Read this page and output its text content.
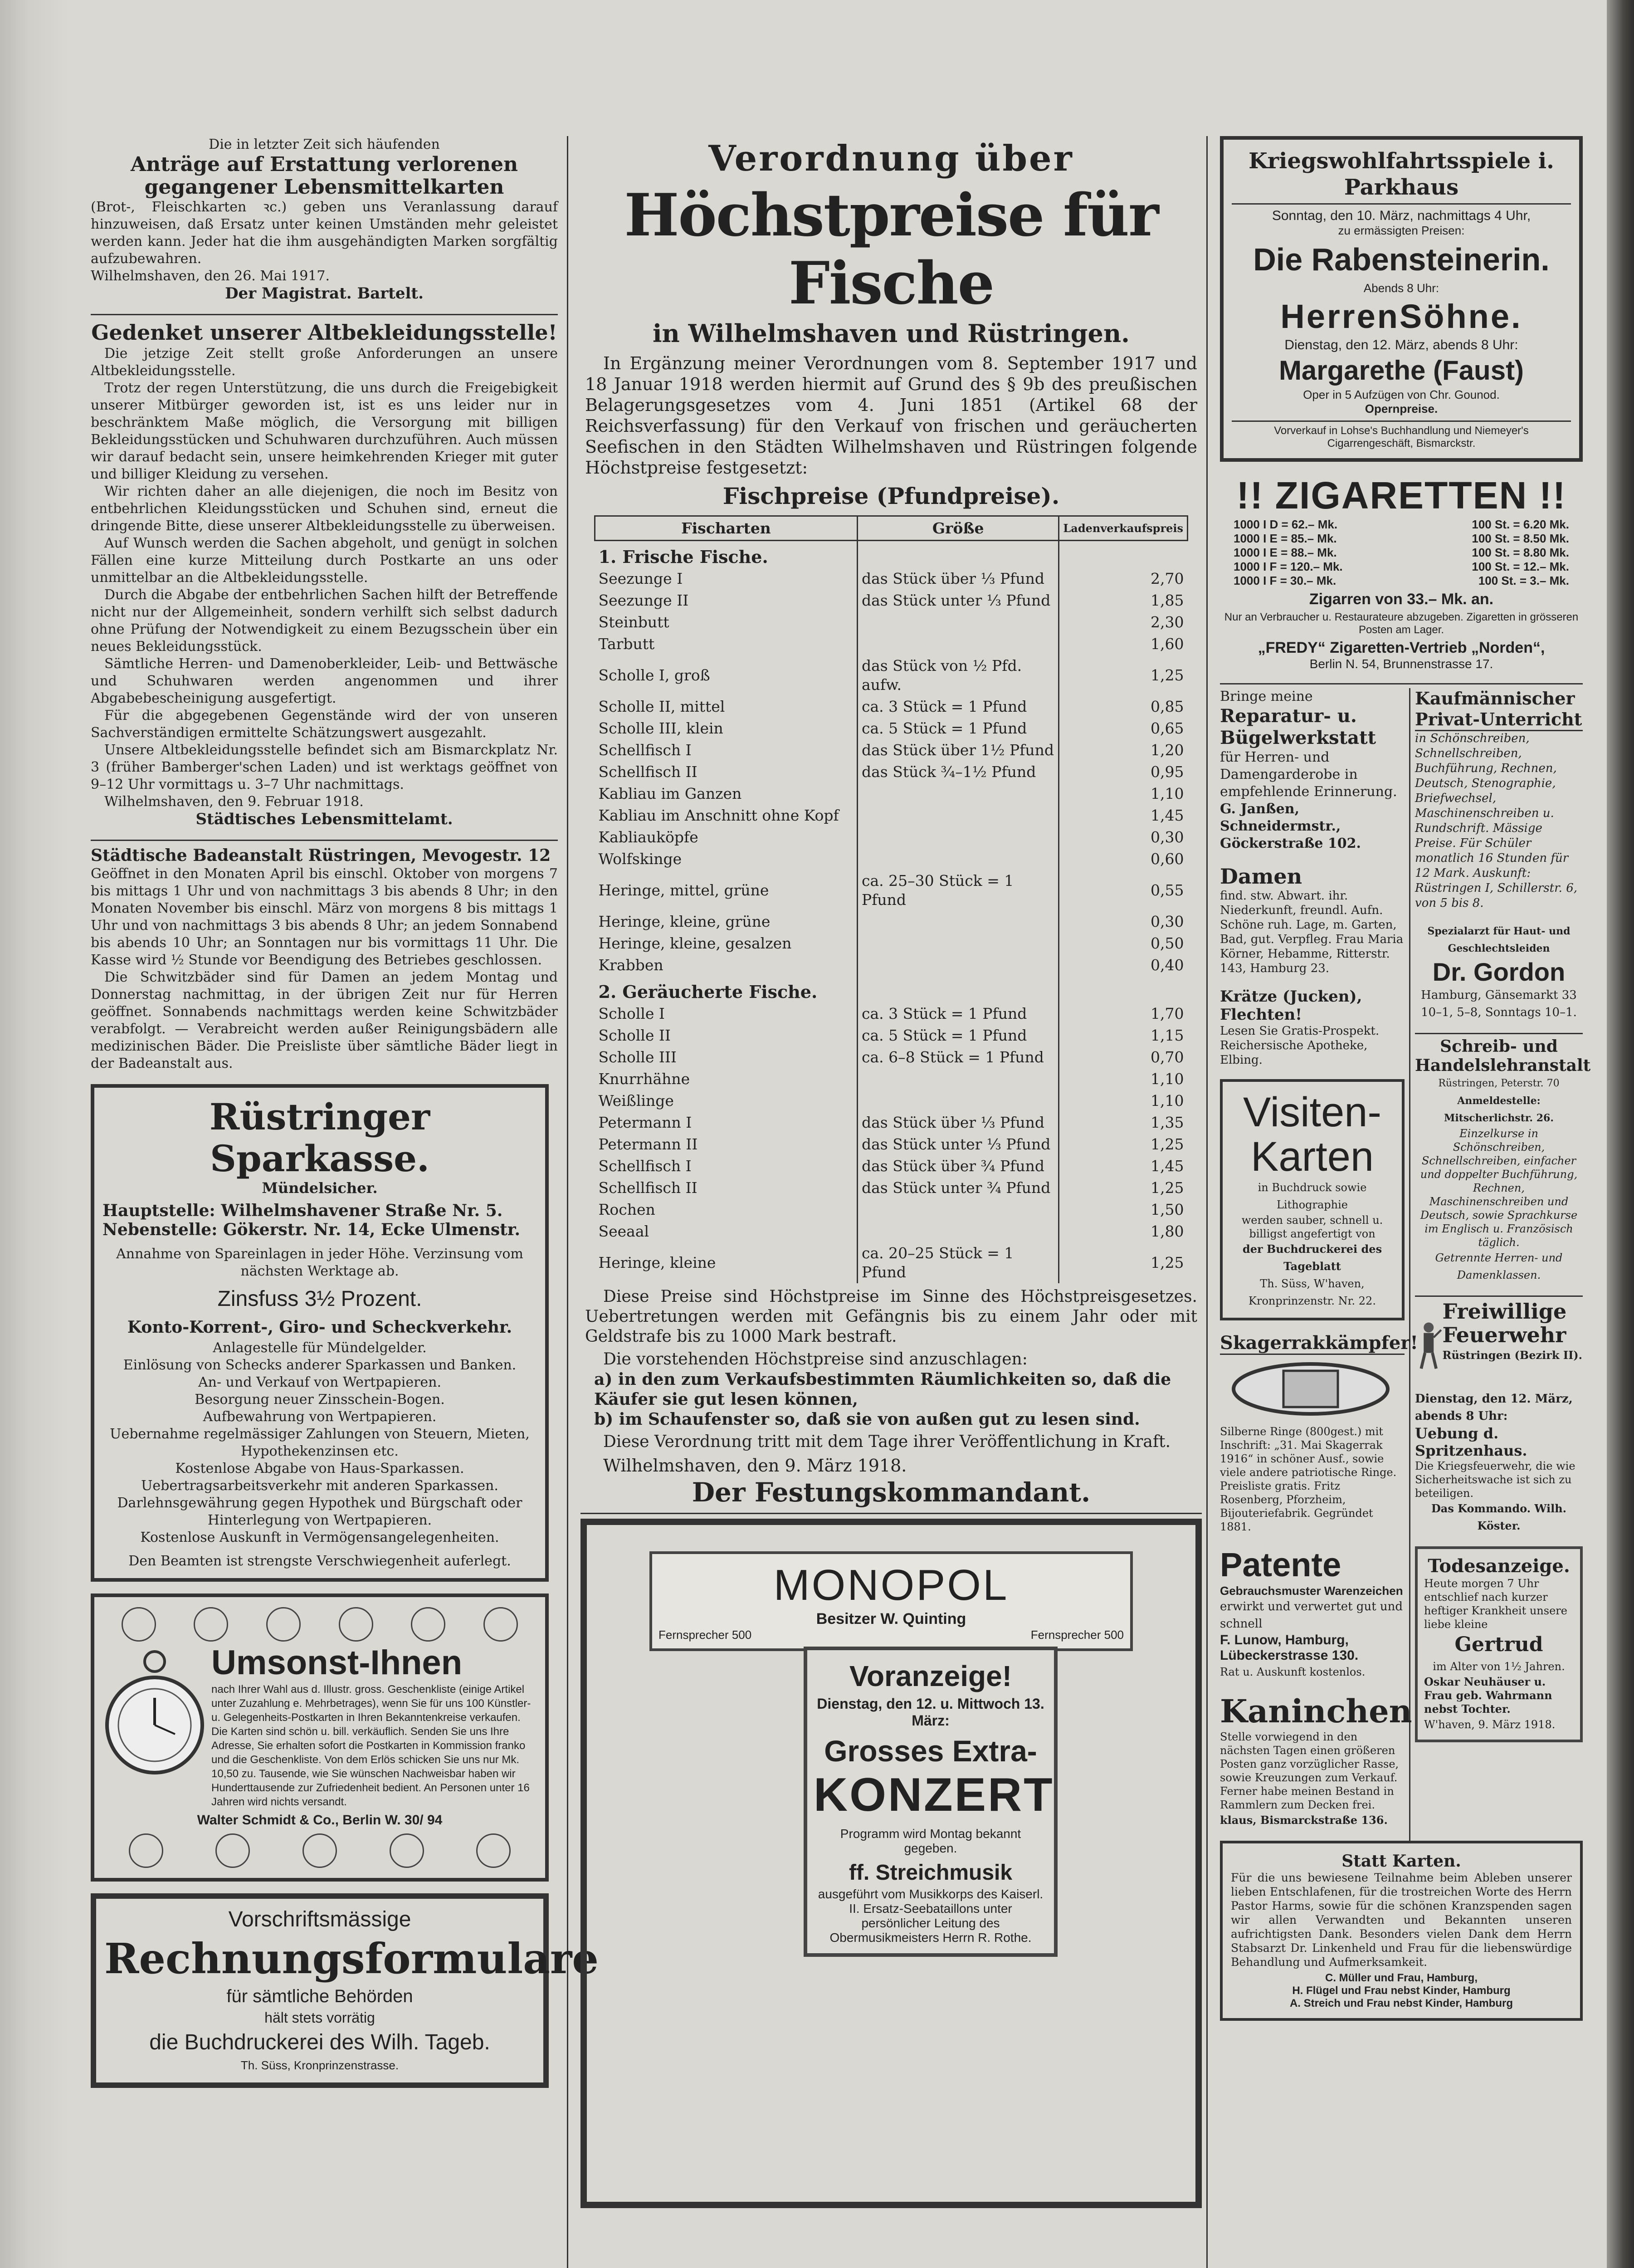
Die in letzter Zeit sich häufenden

Anträge auf Erstattung verlorenen

gegangener Lebensmittelkarten

(Brot-, Fleischkarten ꝛc.) geben uns Veranlassung darauf hinzuweisen, daß Ersatz unter keinen Umständen mehr geleistet werden kann. Jeder hat die ihm ausgehändigten Marken sorgfältig aufzubewahren.

Wilhelmshaven, den 26. Mai 1917.

Der Magistrat. Bartelt.

Gedenket unserer Altbekleidungsstelle!

Die jetzige Zeit stellt große Anforderungen an unsere Altbekleidungsstelle.

Trotz der regen Unterstützung, die uns durch die Freigebigkeit unserer Mitbürger geworden ist, ist es uns leider nur in beschränktem Maße möglich, die Versorgung mit billigen Bekleidungsstücken und Schuhwaren durchzuführen. Auch müssen wir darauf bedacht sein, unsere heimkehrenden Krieger mit guter und billiger Kleidung zu versehen.

Wir richten daher an alle diejenigen, die noch im Besitz von entbehrlichen Kleidungsstücken und Schuhen sind, erneut die dringende Bitte, diese unserer Altbekleidungsstelle zu überweisen.

Auf Wunsch werden die Sachen abgeholt, und genügt in solchen Fällen eine kurze Mitteilung durch Postkarte an uns oder unmittelbar an die Altbekleidungsstelle.

Durch die Abgabe der entbehrlichen Sachen hilft der Betreffende nicht nur der Allgemeinheit, sondern verhilft sich selbst dadurch ohne Prüfung der Notwendigkeit zu einem Bezugsschein über ein neues Bekleidungsstück.

Sämtliche Herren- und Damenoberkleider, Leib- und Bettwäsche und Schuhwaren werden angenommen und ihrer Abgabebescheinigung ausgefertigt.

Für die abgegebenen Gegenstände wird der von unseren Sachverständigen ermittelte Schätzungswert ausgezahlt.

Unsere Altbekleidungsstelle befindet sich am Bismarckplatz Nr. 3 (früher Bamberger'schen Laden) und ist werktags geöffnet von 9–12 Uhr vormittags u. 3–7 Uhr nachmittags.

Wilhelmshaven, den 9. Februar 1918.

Städtisches Lebensmittelamt.

Städtische Badeanstalt Rüstringen, Mevogestr. 12

Geöffnet in den Monaten April bis einschl. Oktober von morgens 7 bis mittags 1 Uhr und von nachmittags 3 bis abends 8 Uhr; in den Monaten November bis einschl. März von morgens 8 bis mittags 1 Uhr und von nachmittags 3 bis abends 8 Uhr; an jedem Sonnabend bis abends 10 Uhr; an Sonntagen nur bis vormittags 11 Uhr. Die Kasse wird ½ Stunde vor Beendigung des Betriebes geschlossen.

Die Schwitzbäder sind für Damen an jedem Montag und Donnerstag nachmittag, in der übrigen Zeit nur für Herren geöffnet. Sonnabends nachmittags werden keine Schwitzbäder verabfolgt. — Verabreicht werden außer Reinigungsbädern alle medizinischen Bäder. Die Preisliste über sämtliche Bäder liegt in der Badeanstalt aus.

Rüstringer Sparkasse.

Mündelsicher.

Hauptstelle: Wilhelmshavener Straße Nr. 5.

Nebenstelle: Gökerstr. Nr. 14, Ecke Ulmenstr.

Annahme von Spareinlagen in jeder Höhe. Verzinsung vom nächsten Werktage ab.

Zinsfuss 3½ Prozent.

Konto-Korrent-, Giro- und Scheckverkehr.

Anlagestelle für Mündelgelder.

Einlösung von Schecks anderer Sparkassen und Banken.

An- und Verkauf von Wertpapieren.

Besorgung neuer Zinsschein-Bogen.

Aufbewahrung von Wertpapieren.

Uebernahme regelmässiger Zahlungen von Steuern, Mieten, Hypothekenzinsen etc.

Kostenlose Abgabe von Haus-Sparkassen.

Uebertragsarbeitsverkehr mit anderen Sparkassen.

Darlehnsgewährung gegen Hypothek und Bürgschaft oder Hinterlegung von Wertpapieren.

Kostenlose Auskunft in Vermögensangelegenheiten.

Den Beamten ist strengste Verschwiegenheit auferlegt.

Umsonst-Ihnen

nach Ihrer Wahl aus d. Illustr. gross. Geschenkliste (einige Artikel unter Zuzahlung e. Mehrbetrages), wenn Sie für uns 100 Künstler- u. Gelegenheits-Postkarten in Ihren Bekanntenkreise verkaufen. Die Karten sind schön u. bill. verkäuflich. Senden Sie uns Ihre Adresse, Sie erhalten sofort die Postkarten in Kommission franko und die Geschenkliste. Von dem Erlös schicken Sie uns nur Mk. 10,50 zu. Tausende, wie Sie wünschen Nachweisbar haben wir Hunderttausende zur Zufriedenheit bedient. An Personen unter 16 Jahren wird nichts versandt.

Walter Schmidt & Co., Berlin W. 30/ 94

Vorschriftsmässige

Rechnungsformulare

für sämtliche Behörden

hält stets vorrätig

die Buchdruckerei des Wilh. Tageb.

Th. Süss, Kronprinzenstrasse.

Verordnung über
Höchstpreise für Fische
in Wilhelmshaven und Rüstringen.

In Ergänzung meiner Verordnungen vom 8. September 1917 und 18 Januar 1918 werden hiermit auf Grund des § 9b des preußischen Belagerungsgesetzes vom 4. Juni 1851 (Artikel 68 der Reichsverfassung) für den Verkauf von frischen und geräucherten Seefischen in den Städten Wilhelmshaven und Rüstringen folgende Höchstpreise festgesetzt:

Fischpreise (Pfundpreise).
Fischarten	Größe	Ladenverkaufspreis
1. Frische Fische.		
Seezunge I	das Stück über ⅓ Pfund	2,70
Seezunge II	das Stück unter ⅓ Pfund	1,85
Steinbutt		2,30
Tarbutt		1,60
Scholle I, groß	das Stück von ½ Pfd. aufw.	1,25
Scholle II, mittel	ca. 3 Stück = 1 Pfund	0,85
Scholle III, klein	ca. 5 Stück = 1 Pfund	0,65
Schellfisch I	das Stück über 1½ Pfund	1,20
Schellfisch II	das Stück ¾–1½ Pfund	0,95
Kabliau im Ganzen		1,10
Kabliau im Anschnitt ohne Kopf		1,45
Kabliauköpfe		0,30
Wolfskinge		0,60
Heringe, mittel, grüne	ca. 25–30 Stück = 1 Pfund	0,55
Heringe, kleine, grüne		0,30
Heringe, kleine, gesalzen		0,50
Krabben		0,40
2. Geräucherte Fische.		
Scholle I	ca. 3 Stück = 1 Pfund	1,70
Scholle II	ca. 5 Stück = 1 Pfund	1,15
Scholle III	ca. 6–8 Stück = 1 Pfund	0,70
Knurrhähne		1,10
Weißlinge		1,10
Petermann I	das Stück über ⅓ Pfund	1,35
Petermann II	das Stück unter ⅓ Pfund	1,25
Schellfisch I	das Stück über ¾ Pfund	1,45
Schellfisch II	das Stück unter ¾ Pfund	1,25
Rochen		1,50
Seeaal		1,80
Heringe, kleine	ca. 20–25 Stück = 1 Pfund	1,25

Diese Preise sind Höchstpreise im Sinne des Höchstpreisgesetzes. Uebertretungen werden mit Gefängnis bis zu einem Jahr oder mit Geldstrafe bis zu 1000 Mark bestraft.

Die vorstehenden Höchstpreise sind anzuschlagen:

a) in den zum Verkaufsbestimmten Räumlichkeiten so, daß die Käufer sie gut lesen können,

b) im Schaufenster so, daß sie von außen gut zu lesen sind.

Diese Verordnung tritt mit dem Tage ihrer Veröffentlichung in Kraft.

Wilhelmshaven, den 9. März 1918.

Der Festungskommandant.

MONOPOL

Besitzer W. Quinting

Fernsprecher 500	Fernsprecher 500

Voranzeige!

Dienstag, den 12. u. Mittwoch 13. März:

Grosses Extra-

KONZERT

Programm wird Montag bekannt gegeben.

ff. Streichmusik

ausgeführt vom Musikkorps des Kaiserl. II. Ersatz-Seebataillons unter persönlicher Leitung des Obermusikmeisters Herrn R. Rothe.

Kriegswohlfahrtsspiele i. Parkhaus

Sonntag, den 10. März, nachmittags 4 Uhr,

zu ermässigten Preisen:

Die Rabensteinerin.

Abends 8 Uhr:

HerrenSöhne.

Dienstag, den 12. März, abends 8 Uhr:

Margarethe (Faust)

Oper in 5 Aufzügen von Chr. Gounod.

Opernpreise.

Vorverkauf in Lohse's Buchhandlung und Niemeyer's Cigarrengeschäft, Bismarckstr.

!! ZIGARETTEN !!
1000 I D = 62.– Mk.	100 St. = 6.20 Mk.
1000 I E = 85.– Mk.	100 St. = 8.50 Mk.
1000 I E = 88.– Mk.	100 St. = 8.80 Mk.
1000 I F = 120.– Mk.	100 St. = 12.– Mk.
1000 I F = 30.– Mk.	100 St. = 3.– Mk.

Zigarren von 33.– Mk. an.

Nur an Verbraucher u. Restaurateure abzugeben. Zigaretten in grösseren Posten am Lager.

„FREDY“ Zigaretten-Vertrieb „Norden“,

Berlin N. 54, Brunnenstrasse 17.

Bringe meine

Reparatur- u. Bügelwerkstatt

für Herren- und Damengarderobe in empfehlende Erinnerung.

G. Janßen, Schneidermstr., Göckerstraße 102.

Damen

find. stw. Abwart. ihr. Niederkunft, freundl. Aufn. Schöne ruh. Lage, m. Garten, Bad, gut. Verpfleg. Frau Maria Körner, Hebamme, Ritterstr. 143, Hamburg 23.

Krätze (Jucken), Flechten!

Lesen Sie Gratis-Prospekt. Reichersische Apotheke, Elbing.

Visiten-

Karten

in Buchdruck sowie Lithographie

werden sauber, schnell u. billigst angefertigt von

der Buchdruckerei des Tageblatt

Th. Süss, W'haven, Kronprinzenstr. Nr. 22.

Skagerrakkämpfer!

Silberne Ringe (800gest.) mit Inschrift: „31. Mai Skagerrak 1916“ in schöner Ausf., sowie viele andere patriotische Ringe. Preisliste gratis. Fritz Rosenberg, Pforzheim, Bijouteriefabrik. Gegründet 1881.

Patente

Gebrauchsmuster Warenzeichen

erwirkt und verwertet gut und schnell

F. Lunow, Hamburg, Lübeckerstrasse 130.

Rat u. Auskunft kostenlos.

Kaninchen

Stelle vorwiegend in den nächsten Tagen einen größeren Posten ganz vorzüglicher Rasse, sowie Kreuzungen zum Verkauf. Ferner habe meinen Bestand in Rammlern zum Decken frei.

klaus, Bismarckstraße 136.

Kaufmännischer Privat-Unterricht

in Schönschreiben, Schnellschreiben, Buchführung, Rechnen, Deutsch, Stenographie, Briefwechsel, Maschinenschreiben u. Rundschrift. Mässige Preise. Für Schüler monatlich 16 Stunden für 12 Mark. Auskunft: Rüstringen I, Schillerstr. 6, von 5 bis 8.

Spezialarzt für Haut- und Geschlechtsleiden

Dr. Gordon

Hamburg, Gänsemarkt 33

10–1, 5–8, Sonntags 10–1.

Schreib- und Handelslehranstalt

Rüstringen, Peterstr. 70

Anmeldestelle: Mitscherlichstr. 26.

Einzelkurse in Schönschreiben, Schnellschreiben, einfacher und doppelter Buchführung, Rechnen, Maschinenschreiben und Deutsch, sowie Sprachkurse im Englisch u. Französisch täglich.

Getrennte Herren- und Damenklassen.

Freiwillige Feuerwehr

Rüstringen (Bezirk II).

Dienstag, den 12. März, abends 8 Uhr:

Uebung d. Spritzenhaus.

Die Kriegsfeuerwehr, die wie Sicherheitswache ist sich zu beteiligen.

Das Kommando. Wilh. Köster.

Todesanzeige.

Heute morgen 7 Uhr entschlief nach kurzer heftiger Krankheit unsere liebe kleine

Gertrud

im Alter von 1½ Jahren.

Oskar Neuhäuser u. Frau geb. Wahrmann nebst Tochter.

W'haven, 9. März 1918.

Statt Karten.

Für die uns bewiesene Teilnahme beim Ableben unserer lieben Entschlafenen, für die trostreichen Worte des Herrn Pastor Harms, sowie für die schönen Kranzspenden sagen wir allen Verwandten und Bekannten unseren aufrichtigsten Dank. Besonders vielen Dank dem Herrn Stabsarzt Dr. Linkenheld und Frau für die liebenswürdige Behandlung und Aufmerksamkeit.

C. Müller und Frau, Hamburg,

H. Flügel und Frau nebst Kinder, Hamburg

A. Streich und Frau nebst Kinder, Hamburg
